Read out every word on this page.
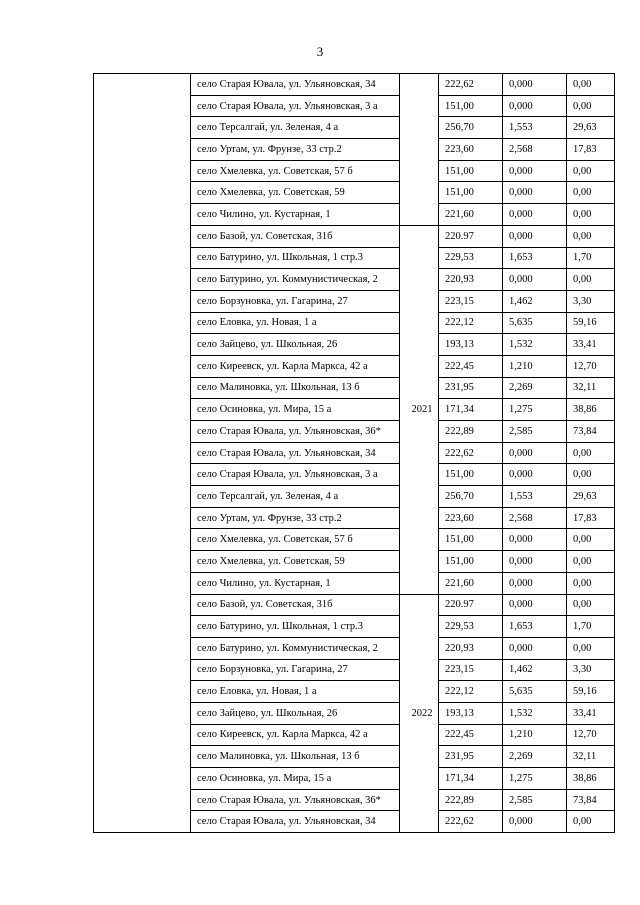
3
	село Старая Ювала, ул. Ульяновская, 34		222,62	0,000	0,00
	село Старая Ювала, ул. Ульяновская, 3 а		151,00	0,000	0,00
	село Терсалгай, ул. Зеленая, 4 а		256,70	1,553	29,63
	село Уртам, ул. Фрунзе, 33 стр.2		223,60	2,568	17,83
	село Хмелевка, ул. Советская, 57 б		151,00	0,000	0,00
	село Хмелевка, ул. Советская, 59		151,00	0,000	0,00
	село Чилино, ул. Кустарная, 1		221,60	0,000	0,00
	село Базой, ул. Советская, 31б	2021	220.97	0,000	0,00
	село Батурино, ул. Школьная, 1 стр.3		229,53	1,653	1,70
	село Батурино, ул. Коммунистическая, 2		220,93	0,000	0,00
	село Борзуновка, ул. Гагарина, 27		223,15	1,462	3,30
	село Еловка, ул. Новая, 1 а		222,12	5,635	59,16
	село Зайцево, ул. Школьная, 26		193,13	1,532	33,41
	село Киреевск, ул. Карла Маркса, 42 а		222,45	1,210	12,70
	село Малиновка, ул. Школьная, 13 б		231,95	2,269	32,11
	село Осиновка, ул. Мира, 15 а		171,34	1,275	38,86
	село Старая Ювала, ул. Ульяновская, 36*		222,89	2,585	73,84
	село Старая Ювала, ул. Ульяновская, 34		222,62	0,000	0,00
	село Старая Ювала, ул. Ульяновская, 3 а		151,00	0,000	0,00
	село Терсалгай, ул. Зеленая, 4 а		256,70	1,553	29,63
	село Уртам, ул. Фрунзе, 33 стр.2		223,60	2,568	17,83
	село Хмелевка, ул. Советская, 57 б		151,00	0,000	0,00
	село Хмелевка, ул. Советская, 59		151,00	0,000	0,00
	село Чилино, ул. Кустарная, 1		221,60	0,000	0,00
	село Базой, ул. Советская, 31б	2022	220.97	0,000	0,00
	село Батурино, ул. Школьная, 1 стр.3		229,53	1,653	1,70
	село Батурино, ул. Коммунистическая, 2		220,93	0,000	0,00
	село Борзуновка, ул. Гагарина, 27		223,15	1,462	3,30
	село Еловка, ул. Новая, 1 а		222,12	5,635	59,16
	село Зайцево, ул. Школьная, 26		193,13	1,532	33,41
	село Киреевск, ул. Карла Маркса, 42 а		222,45	1,210	12,70
	село Малиновка, ул. Школьная, 13 б		231,95	2,269	32,11
	село Осиновка, ул. Мира, 15 а		171,34	1,275	38,86
	село Старая Ювала, ул. Ульяновская, 36*		222,89	2,585	73,84
	село Старая Ювала, ул. Ульяновская, 34		222,62	0,000	0,00
